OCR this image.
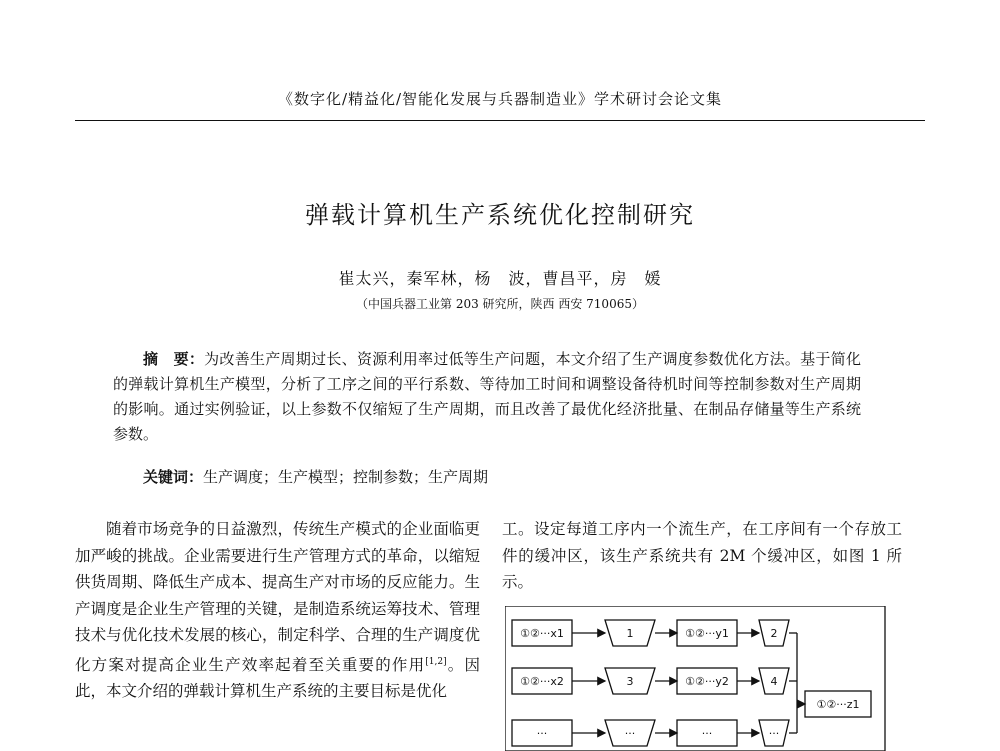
《数字化/精益化/智能化发展与兵器制造业》学术研讨会论文集
弹载计算机生产系统优化控制研究
崔太兴，秦军林，杨　波，曹昌平，房　媛
（中国兵器工业第 203 研究所，陕西 西安 710065）
摘　要：为改善生产周期过长、资源利用率过低等生产问题，本文介绍了生产调度参数优化方法。基于简化的弹载计算机生产模型，分析了工序之间的平行系数、等待加工时间和调整设备待机时间等控制参数对生产周期的影响。通过实例验证，以上参数不仅缩短了生产周期，而且改善了最优化经济批量、在制品存储量等生产系统参数。
关键词：生产调度；生产模型；控制参数；生产周期
随着市场竞争的日益激烈，传统生产模式的企业面临更加严峻的挑战。企业需要进行生产管理方式的革命，以缩短供货周期、降低生产成本、提高生产对市场的反应能力。生产调度是企业生产管理的关键，是制造系统运筹技术、管理技术与优化技术发展的核心，制定科学、合理的生产调度优化方案对提高企业生产效率起着至关重要的作用[1,2]。因此，本文介绍的弹载计算机生产系统的主要目标是优化
工。设定每道工序内一个流生产，在工序间有一个存放工件的缓冲区，该生产系统共有 2M 个缓冲区，如图 1 所示。
①②···x1	1	①②···y1	2
①②···x2	3	①②···y2	4
···	···	···	···
①②···z1
